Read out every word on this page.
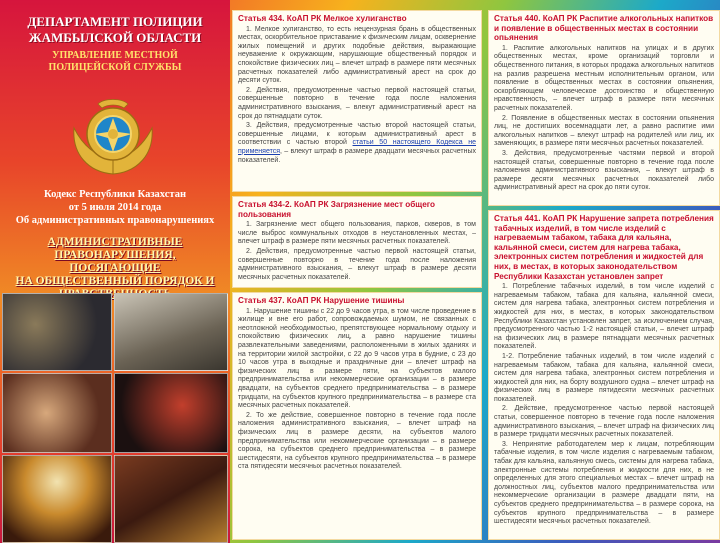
ДЕПАРТАМЕНТ ПОЛИЦИИ
ЖАМБЫЛСКОЙ ОБЛАСТИ
УПРАВЛЕНИЕ МЕСТНОЙ
ПОЛИЦЕЙСКОЙ СЛУЖБЫ
Кодекс Республики Казахстан
от 5 июля 2014 года
Об административных правонарушениях
АДМИНИСТРАТИВНЫЕ
ПРАВОНАРУШЕНИЯ, ПОСЯГАЮЩИЕ
НА ОБЩЕСТВЕННЫЙ ПОРЯДОК И
Статья 434. КоАП РК Мелкое хулиганство

1. Мелкое хулиганство, то есть нецензурная брань в общественных местах, оскорбительное приставание к физическим лицам, осквернение жилых помещений и других подобные действия, выражающие неуважение к окружающим, нарушающие общественный порядок и спокойствие физических лиц – влечет штраф в размере пяти месячных расчетных показателей либо административный арест на срок до десяти суток.

2. Действия, предусмотренные частью первой настоящей статьи, совершенные повторно в течение года после наложения административного взыскания, – влекут административный арест на срок до пятнадцати суток.

3. Действия, предусмотренные частью второй настоящей статьи, совершенные лицами, к которым административный арест в соответствии с частью второй статьи 50 настоящего Кодекса не применяется, – влекут штраф в размере двадцати месячных расчетных показателей.

Статья 434-2. КоАП РК Загрязнение мест общего пользования

1. Загрязнение мест общего пользования, парков, скверов, в том числе выброс коммунальных отходов в неустановленных местах, – влечет штраф в размере пяти месячных расчетных показателей.

2. Действия, предусмотренные частью первой настоящей статьи, совершенные повторно в течение года после наложения административного взыскания, – влекут штраф в размере десяти месячных расчетных показателей.

Статья 437. КоАП РК Нарушение тишины

1. Нарушение тишины с 22 до 9 часов утра, в том числе проведение в жилище и вне его работ, сопровождаемых шумом, не связанных с неотложной необходимостью, препятствующее нормальному отдыху и спокойствию физических лиц, а равно нарушение тишины развлекательными заведениями, расположенными в жилых зданиях и на территории жилой застройки, с 22 до 9 часов утра в будние, с 23 до 10 часов утра в выходные и праздничные дни – влечет штраф на физических лиц в размере пяти, на субъектов малого предпринимательства или некоммерческие организации – в размере двадцати, на субъектов среднего предпринимательства – в размере тридцати, на субъектов крупного предпринимательства – в размере ста месячных расчетных показателей.

2. То же действие, совершенное повторно в течение года после наложения административного взыскания, – влечет штраф на физических лиц в размере десяти, на субъектов малого предпринимательства или некоммерческие организации – в размере сорока, на субъектов среднего предпринимательства – в размере шестидесяти, на субъектов крупного предпринимательства – в размере ста пятидесяти месячных расчетных показателей.

Статья 440. КоАП РК Распитие алкогольных напитков и появление в общественных местах в состоянии опьянения

1. Распитие алкогольных напитков на улицах и в других общественных местах, кроме организаций торговли и общественного питания, в которых продажа алкогольных напитков на разлив разрешена местным исполнительным органом, или появление в общественных местах в состоянии опьянения, оскорбляющем человеческое достоинство и общественную нравственность, – влечет штраф в размере пяти месячных расчетных показателей.

2. Появление в общественных местах в состоянии опьянения лиц, не достигших восемнадцати лет, а равно распитие ими алкогольных напитков – влекут штраф на родителей или лиц, их заменяющих, в размере пяти месячных расчетных показателей.

3. Действия, предусмотренные частями первой и второй настоящей статьи, совершенные повторно в течение года после наложения административного взыскания, – влекут штраф в размере десяти месячных расчетных показателей либо административный арест на срок до пяти суток.

Статья 441. КоАП РК Нарушение запрета потребления табачных изделий, в том числе изделий с нагреваемым табаком, табака для кальяна, кальянной смеси, систем для нагрева табака, электронных систем потребления и жидкостей для них, в местах, в которых законодательством Республики Казахстан установлен запрет

1. Потребление табачных изделий, в том числе изделий с нагреваемым табаком, табака для кальяна, кальянной смеси, систем для нагрева табака, электронных систем потребления и жидкостей для них, в местах, в которых законодательством Республики Казахстан установлен запрет, за исключением случая, предусмотренного частью 1-2 настоящей статьи, – влечет штраф на физических лиц в размере пятнадцати месячных расчетных показателей.

1-2. Потребление табачных изделий, в том числе изделий с нагреваемым табаком, табака для кальяна, кальянной смеси, систем для нагрева табака, электронных систем потребления и жидкостей для них, на борту воздушного судна – влечет штраф на физических лиц в размере пятидесяти месячных расчетных показателей.

2. Действие, предусмотренное частью первой настоящей статьи, совершенное повторно в течение года после наложения административного взыскания, – влечет штраф на физических лиц в размере тридцати месячных расчетных показателей.

3. Непринятие работодателем мер к лицам, потребляющим табачные изделия, в том числе изделия с нагреваемым табаком, табак для кальяна, кальянную смесь, системы для нагрева табака, электронные системы потребления и жидкости для них, в не определенных для этого специальных местах – влечет штраф на должностных лиц, субъектов малого предпринимательства или некоммерческие организации в размере двадцати пяти, на субъектов среднего предпринимательства – в размере сорока, на субъектов крупного предпринимательства – в размере шестидесяти месячных расчетных показателей.
